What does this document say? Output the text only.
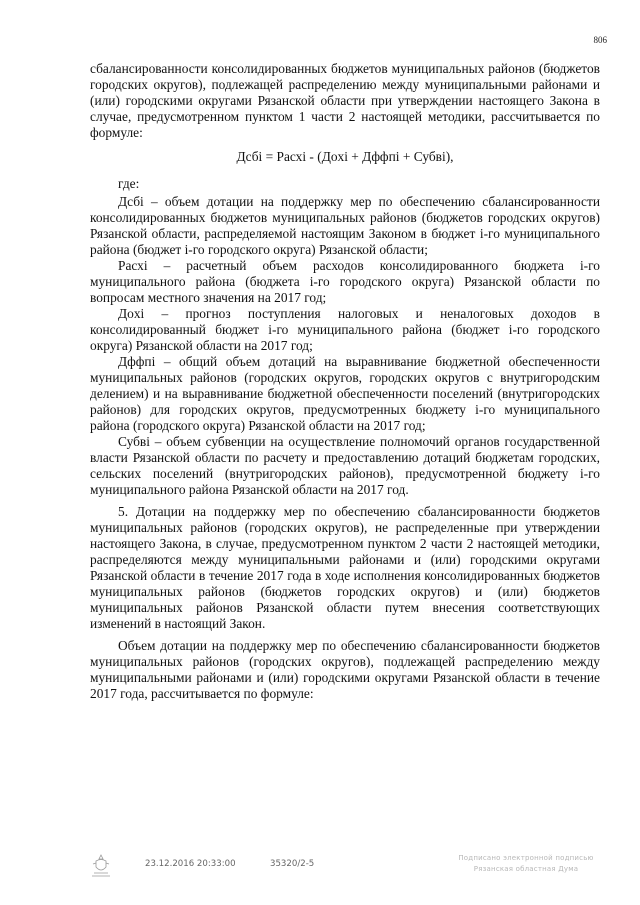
806

сбалансированности консолидированных бюджетов муниципальных районов (бюджетов городских округов), подлежащей распределению между муниципальными районами и (или) городскими округами Рязанской области при утверждении настоящего Закона в случае, предусмотренном пунктом 1 части 2 настоящей методики, рассчитывается по формуле:

Дсбi = Расхi - (Доxi + Дффпi + Субвi),

где:

Дсбi – объем дотации на поддержку мер по обеспечению сбалансированности консолидированных бюджетов муниципальных районов (бюджетов городских округов) Рязанской области, распределяемой настоящим Законом в бюджет i-го муниципального района (бюджет i-го городского округа) Рязанской области;

Расхi – расчетный объем расходов консолидированного бюджета i-го муниципального района (бюджета i-го городского округа) Рязанской области по вопросам местного значения на 2017 год;

Доxi – прогноз поступления налоговых и неналоговых доходов в консолидированный бюджет i-го муниципального района (бюджет i-го городского округа) Рязанской области на 2017 год;

Дффпi – общий объем дотаций на выравнивание бюджетной обеспеченности муниципальных районов (городских округов, городских округов с внутригородским делением) и на выравнивание бюджетной обеспеченности поселений (внутригородских районов) для городских округов, предусмотренных бюджету i-го муниципального района (городского округа) Рязанской области на 2017 год;

Субвi – объем субвенции на осуществление полномочий органов государственной власти Рязанской области по расчету и предоставлению дотаций бюджетам городских, сельских поселений (внутригородских районов), предусмотренной бюджету i-го муниципального района Рязанской области на 2017 год.

5. Дотации на поддержку мер по обеспечению сбалансированности бюджетов муниципальных районов (городских округов), не распределенные при утверждении настоящего Закона, в случае, предусмотренном пунктом 2 части 2 настоящей методики, распределяются между муниципальными районами и (или) городскими округами Рязанской области в течение 2017 года в ходе исполнения консолидированных бюджетов муниципальных районов (бюджетов городских округов) и (или) бюджетов муниципальных районов Рязанской области путем внесения соответствующих изменений в настоящий Закон.

Объем дотации на поддержку мер по обеспечению сбалансированности бюджетов муниципальных районов (городских округов), подлежащей распределению между муниципальными районами и (или) городскими округами Рязанской области в течение 2017 года, рассчитывается по формуле:

23.12.2016 20:33:00	35320/2-5
Подписано электронной подписью
Рязанская областная Дума
